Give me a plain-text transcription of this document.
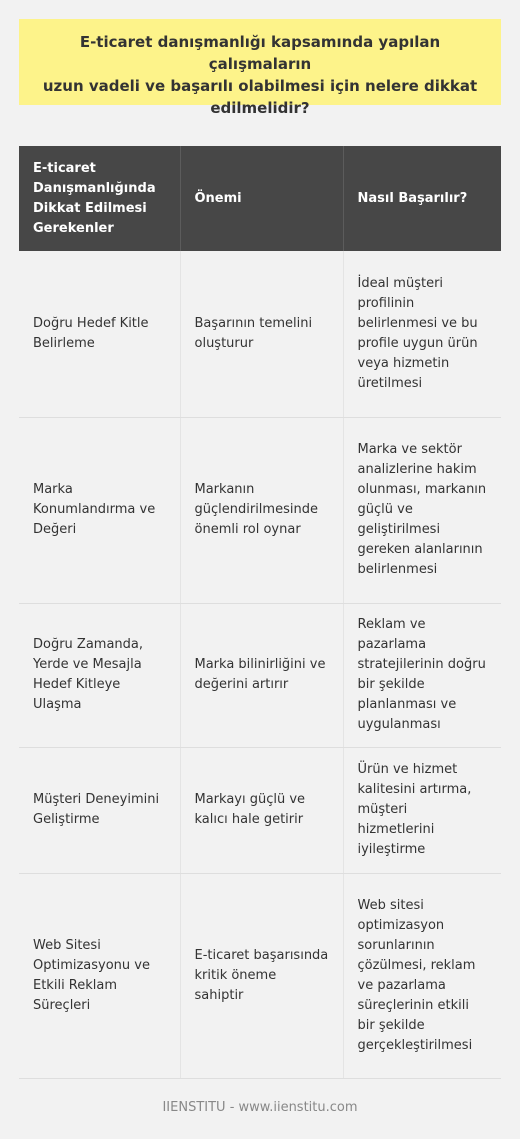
E-ticaret danışmanlığı kapsamında yapılan çalışmaların
uzun vadeli ve başarılı olabilmesi için nelere dikkat
edilmelidir?
E-ticaret Danışmanlığında Dikkat Edilmesi Gerekenler	Önemi	Nasıl Başarılır?
Doğru Hedef Kitle Belirleme	Başarının temelini oluşturur	İdeal müşteri profilinin belirlenmesi ve bu profile uygun ürün veya hizmetin üretilmesi
Marka Konumlandırma ve Değeri	Markanın güçlendirilmesinde önemli rol oynar	Marka ve sektör analizlerine hakim olunması, markanın güçlü ve geliştirilmesi gereken alanlarının belirlenmesi
Doğru Zamanda, Yerde ve Mesajla Hedef Kitleye Ulaşma	Marka bilinirliğini ve değerini artırır	Reklam ve pazarlama stratejilerinin doğru bir şekilde planlanması ve uygulanması
Müşteri Deneyimini Geliştirme	Markayı güçlü ve kalıcı hale getirir	Ürün ve hizmet kalitesini artırma, müşteri hizmetlerini iyileştirme
Web Sitesi Optimizasyonu ve Etkili Reklam Süreçleri	E-ticaret başarısında kritik öneme sahiptir	Web sitesi optimizasyon sorunlarının çözülmesi, reklam ve pazarlama süreçlerinin etkili bir şekilde gerçekleştirilmesi
IIENSTITU - www.iienstitu.com
